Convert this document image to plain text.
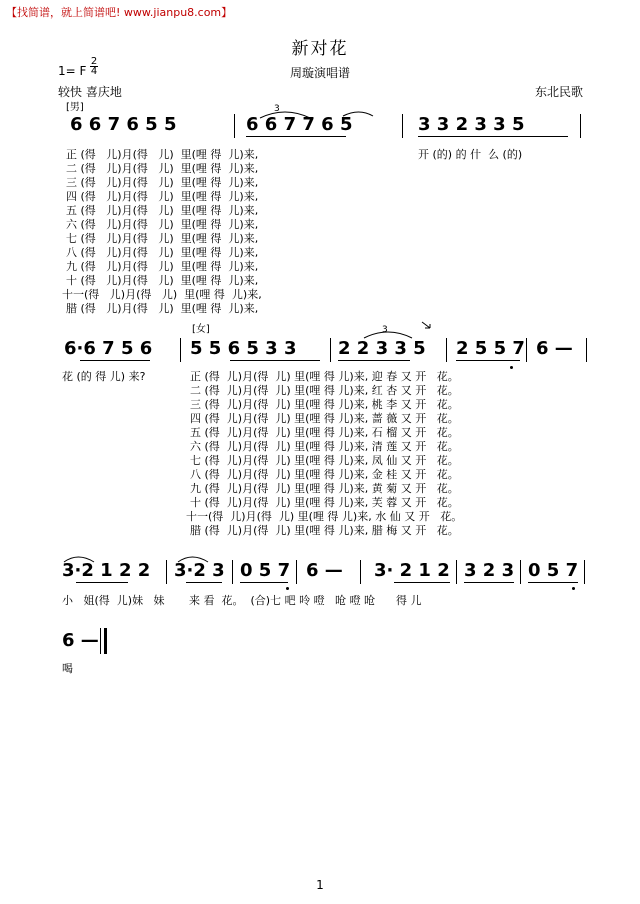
【找简谱，就上简谱吧! www.jianpu8.com】
新对花
周璇演唱谱
1= F
2
4
较快 喜庆地	东北民歌
[男]	3
6 6 7 6 5 5	6 6 7 7 6 5	3 3 2 3 3 5
正 (得   儿)月(得   儿)  里(哩 得  儿)来,
二 (得   儿)月(得   儿)  里(哩 得  儿)来,
三 (得   儿)月(得   儿)  里(哩 得  儿)来,
四 (得   儿)月(得   儿)  里(哩 得  儿)来,
五 (得   儿)月(得   儿)  里(哩 得  儿)来,
六 (得   儿)月(得   儿)  里(哩 得  儿)来,
七 (得   儿)月(得   儿)  里(哩 得  儿)来,
八 (得   儿)月(得   儿)  里(哩 得  儿)来,
九 (得   儿)月(得   儿)  里(哩 得  儿)来,
十 (得   儿)月(得   儿)  里(哩 得  儿)来,
十一(得   儿)月(得   儿)  里(哩 得  儿)来,
腊 (得   儿)月(得   儿)  里(哩 得  儿)来,
开 (的) 的 什  么 (的)
[女]	3
6·6 7 5 6 5 5 6 5 3 3 2 2 3 3 5 2 5 5 7 6 —
花 (的 得 儿) 来?	正 (得  儿)月(得  儿) 里(哩 得 儿)来, 迎 春 又 开   花。
二 (得  儿)月(得  儿) 里(哩 得 儿)来, 红 杏 又 开   花。
三 (得  儿)月(得  儿) 里(哩 得 儿)来, 桃 李 又 开   花。
四 (得  儿)月(得  儿) 里(哩 得 儿)来, 蔷 薇 又 开   花。
五 (得  儿)月(得  儿) 里(哩 得 儿)来, 石 榴 又 开   花。
六 (得  儿)月(得  儿) 里(哩 得 儿)来, 清 莲 又 开   花。
七 (得  儿)月(得  儿) 里(哩 得 儿)来, 凤 仙 又 开   花。
八 (得  儿)月(得  儿) 里(哩 得 儿)来, 金 桂 又 开   花。
九 (得  儿)月(得  儿) 里(哩 得 儿)来, 黄 菊 又 开   花。
十 (得  儿)月(得  儿) 里(哩 得 儿)来, 芙 蓉 又 开   花。
十一(得  儿)月(得  儿) 里(哩 得 儿)来, 水 仙 又 开   花。
腊 (得  儿)月(得  儿) 里(哩 得 儿)来, 腊 梅 又 开   花。
3·2 1 2 2 3·2 3 0 5 7 6 — 3· 2 1 2 3 2 3 0 5 7
小   姐(得  儿)妹   妹       来 看  花。  (合)七 吧 呤 噔   呛 噔 呛      得 儿
6 —
喝
1
